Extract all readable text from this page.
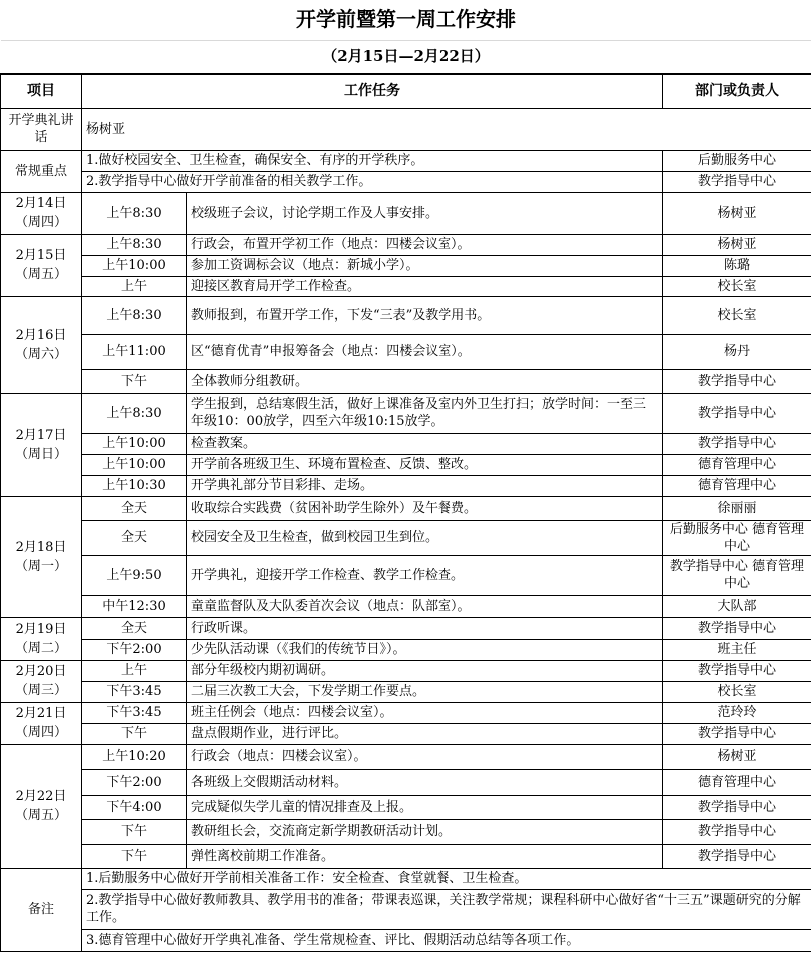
开学前暨第一周工作安排			
（2月15日—2月22日）			
项目	工作任务		部门或负责人
开学典礼讲话	杨树亚		
常规重点	1.做好校园安全、卫生检查，确保安全、有序的开学秩序。		后勤服务中心
	2.教学指导中心做好开学前准备的相关教学工作。		教学指导中心

2月14日
（周四）	上午8:30	校级班子会议，讨论学期工作及人事安排。	杨树亚

2月15日
（周五）	上午8:30	行政会，布置开学初工作（地点：四楼会议室）。	杨树亚
	上午10:00	参加工资调标会议（地点：新城小学）。	陈璐
	上午	迎接区教育局开学工作检查。	校长室

2月16日
（周六）	上午8:30	教师报到，布置开学工作，下发“三表”及教学用书。	校长室
	上午11:00	区“德育优青”申报筹备会（地点：四楼会议室）。	杨丹
	下午	全体教师分组教研。	教学指导中心

2月17日
（周日）	上午8:30	学生报到，总结寒假生活，做好上课准备及室内外卫生打扫；放学时间：一至三年级10：00放学，四至六年级10:15放学。	教学指导中心
	上午10:00	检查教案。	教学指导中心
	上午10:00	开学前各班级卫生、环境布置检查、反馈、整改。	德育管理中心
	上午10:30	开学典礼部分节目彩排、走场。	德育管理中心

2月18日
（周一）	全天	收取综合实践费（贫困补助学生除外）及午餐费。	徐丽丽
	全天	校园安全及卫生检查，做到校园卫生到位。	后勤服务中心 德育管理中心
	上午9:50	开学典礼，迎接开学工作检查、教学工作检查。	教学指导中心 德育管理中心
	中午12:30	童童监督队及大队委首次会议（地点：队部室）。	大队部

2月19日
（周二）	全天	行政听课。	教学指导中心
	下午2:00	少先队活动课（《我们的传统节日》）。	班主任

2月20日
（周三）	上午	部分年级校内期初调研。	教学指导中心
	下午3:45	二届三次教工大会，下发学期工作要点。	校长室

2月21日
（周四）	下午3:45	班主任例会（地点：四楼会议室）。	范玲玲
	下午	盘点假期作业，进行评比。	教学指导中心

2月22日
（周五）	上午10:20	行政会（地点：四楼会议室）。	杨树亚
	下午2:00	各班级上交假期活动材料。	德育管理中心
	下午4:00	完成疑似失学儿童的情况排查及上报。	教学指导中心
	下午	教研组长会，交流商定新学期教研活动计划。	教学指导中心
	下午	弹性离校前期工作准备。	教学指导中心
备注	1.后勤服务中心做好开学前相关准备工作：安全检查、食堂就餐、卫生检查。		
	2.教学指导中心做好教师教具、教学用书的准备；带课表巡课，关注教学常规；课程科研中心做好省“十三五”课题研究的分解工作。		
	3.德育管理中心做好开学典礼准备、学生常规检查、评比、假期活动总结等各项工作。		
